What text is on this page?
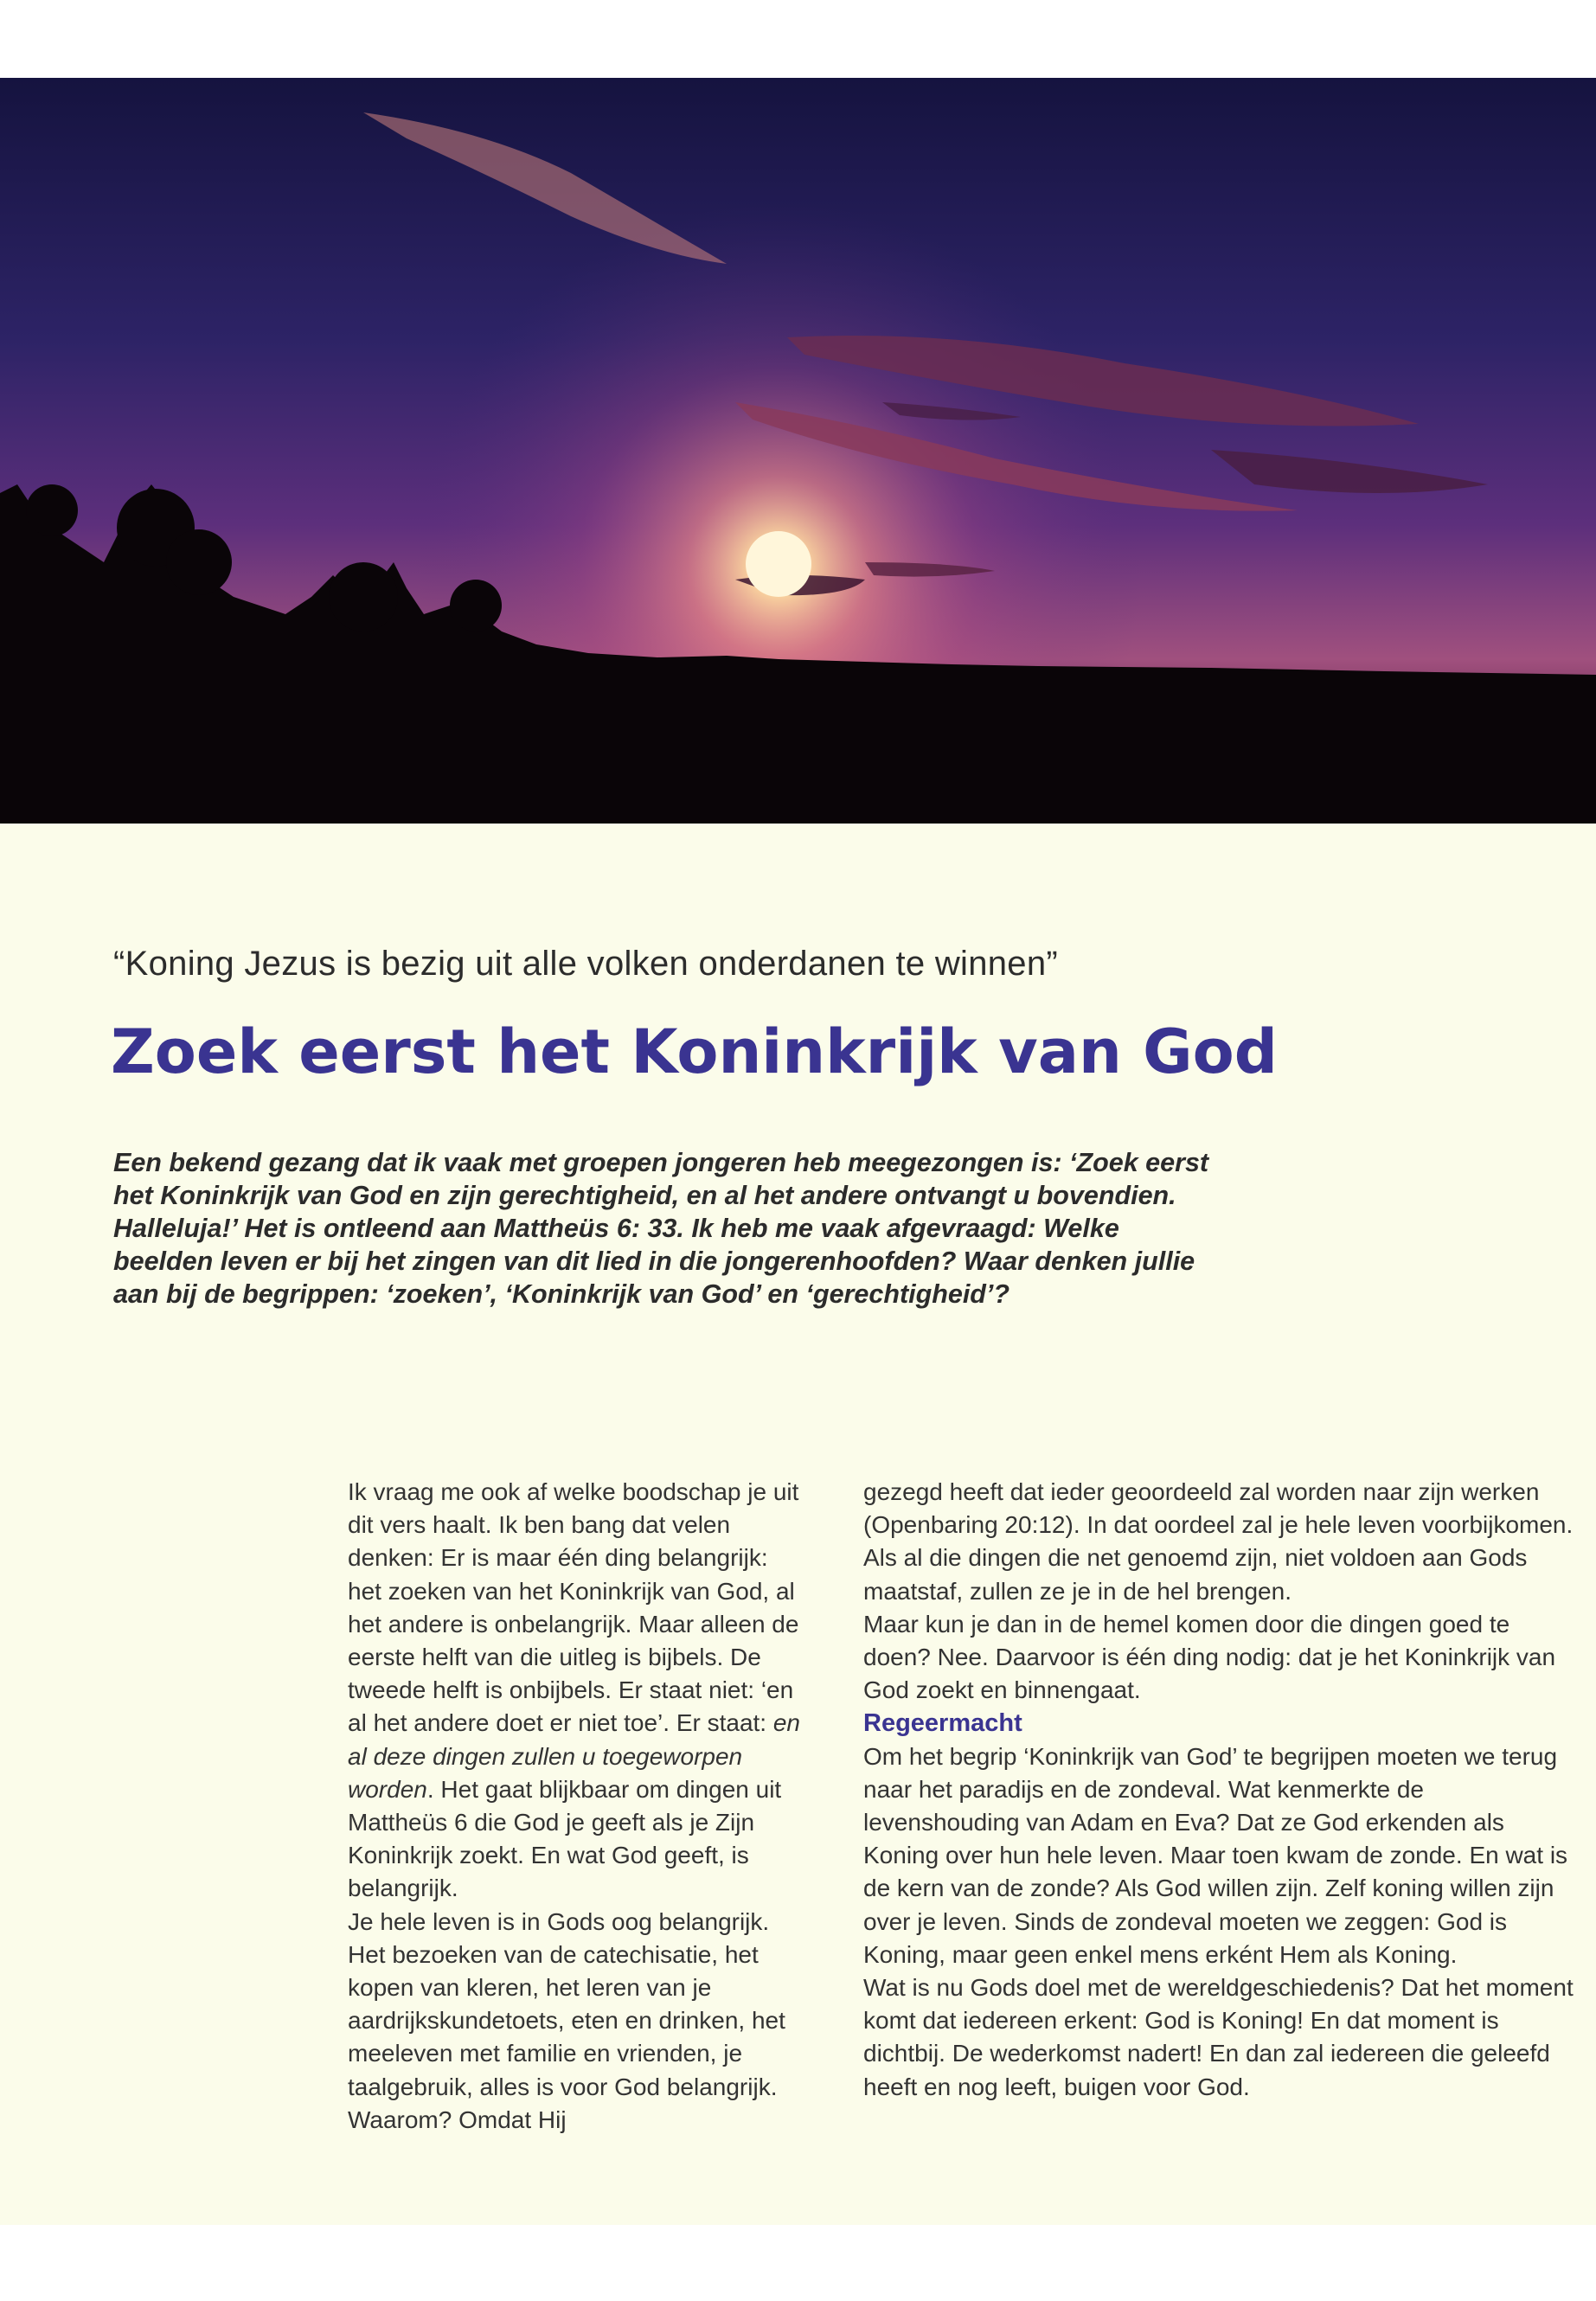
“Koning Jezus is bezig uit alle volken onderdanen te winnen”
Zoek eerst het Koninkrijk van God
Een bekend gezang dat ik vaak met groepen jongeren heb meegezongen is: ‘Zoek eerst het Koninkrijk van God en zijn gerechtigheid, en al het andere ontvangt u bovendien. Halleluja!’ Het is ontleend aan Mattheüs 6: 33. Ik heb me vaak afgevraagd: Welke beelden leven er bij het zingen van dit lied in die jongerenhoofden? Waar denken jullie aan bij de begrippen: ‘zoeken’, ‘Koninkrijk van God’ en ‘gerechtigheid’?

Ik vraag me ook af welke boodschap je uit dit vers haalt. Ik ben bang dat velen denken: Er is maar één ding belangrijk: het zoeken van het Koninkrijk van God, al het andere is onbelangrijk. Maar alleen de eerste helft van die uitleg is bijbels. De tweede helft is onbijbels. Er staat niet: ‘en al het andere doet er niet toe’. Er staat: en al deze dingen zullen u toegeworpen worden. Het gaat blijkbaar om dingen uit Mattheüs 6 die God je geeft als je Zijn Koninkrijk zoekt. En wat God geeft, is belangrijk.

Je hele leven is in Gods oog belangrijk. Het bezoeken van de catechisatie, het kopen van kleren, het leren van je aardrijkskundetoets, eten en drinken, het meeleven met familie en vrienden, je taalgebruik, alles is voor God belangrijk. Waarom? Omdat Hij

gezegd heeft dat ieder geoordeeld zal worden naar zijn werken (Openbaring 20:12). In dat oordeel zal je hele leven voorbijkomen. Als al die dingen die net genoemd zijn, niet voldoen aan Gods maatstaf, zullen ze je in de hel brengen.

Maar kun je dan in de hemel komen door die dingen goed te doen? Nee. Daarvoor is één ding nodig: dat je het Koninkrijk van God zoekt en binnengaat.

Regeermacht

Om het begrip ‘Koninkrijk van God’ te begrijpen moeten we terug naar het paradijs en de zondeval. Wat kenmerkte de levenshouding van Adam en Eva? Dat ze God erkenden als Koning over hun hele leven. Maar toen kwam de zonde. En wat is de kern van de zonde? Als God willen zijn. Zelf koning willen zijn over je leven. Sinds de zondeval moeten we zeggen: God is Koning, maar geen enkel mens erként Hem als Koning.

Wat is nu Gods doel met de wereldgeschiedenis? Dat het moment komt dat iedereen erkent: God is Koning! En dat moment is dichtbij. De wederkomst nadert! En dan zal iedereen die geleefd heeft en nog leeft, buigen voor God.
